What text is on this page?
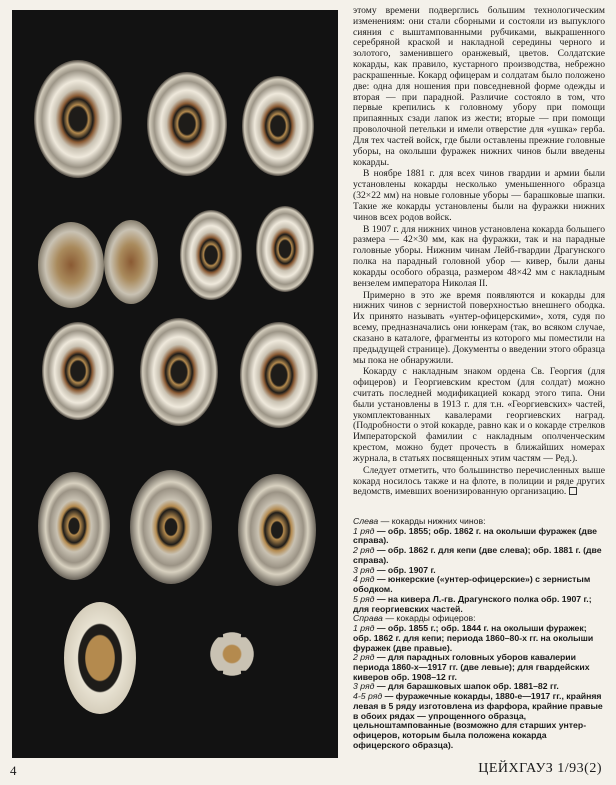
этому времени подверглись большим технологическим изменениям: они стали сборными и состояли из выпуклого сияния с выштампованными рубчиками, выкрашенного серебряной краской и накладной середины черного и золотого, заменившего оранжевый, цветов. Солдатские кокарды, как правило, кустарного производства, небрежно раскрашенные. Кокард офицерам и солдатам было положено две: одна для ношения при повседневной форме одежды и вторая — при парадной. Различие состояло в том, что первые крепились к головному убору при помощи припаянных сзади лапок из жести; вторые — при помощи проволочной петельки и имели отверстие для «ушка» герба. Для тех частей войск, где были оставлены прежние головные уборы, на околыши фуражек нижних чинов были введены кокарды.

В ноябре 1881 г. для всех чинов гвардии и армии были установлены кокарды несколько уменьшенного образца (32×22 мм) на новые головные уборы — барашковые шапки. Такие же кокарды установлены были на фуражки нижних чинов всех родов войск.

В 1907 г. для нижних чинов установлена кокарда большего размера — 42×30 мм, как на фуражки, так и на парадные головные уборы. Нижним чинам Лейб-гвардии Драгунского полка на парадный головной убор — кивер, были даны кокарды особого образца, размером 48×42 мм с накладным вензелем императора Николая II.

Примерно в это же время появляются и кокарды для нижних чинов с зернистой поверхностью внешнего ободка. Их принято называть «унтер-офицерскими», хотя, судя по всему, предназначались они юнкерам (так, во всяком случае, сказано в каталоге, фрагменты из которого мы поместили на предыдущей странице). Документы о введении этого образца мы пока не обнаружили.

Кокарду с накладным знаком ордена Св. Георгия (для офицеров) и Георгиевским крестом (для солдат) можно считать последней модификацией кокард этого типа. Они были установлены в 1913 г. для т.н. «Георгиевских» частей, укомплектованных кавалерами георгиевских наград. (Подробности о этой кокарде, равно как и о кокарде стрелков Императорской фамилии с накладным ополченческим крестом, можно будет прочесть в ближайших номерах журнала, в статьях посвященных этим частям — Ред.).

Следует отметить, что большинство перечисленных выше кокард носилось также и на флоте, в полиции и ряде других ведомств, имевших военизированную организацию.

Слева — кокарды нижних чинов:

1 ряд — обр. 1855; обр. 1862 г. на околыши фуражек (две справа).

2 ряд — обр. 1862 г. для кепи (две слева); обр. 1881 г. (две справа).

3 ряд — обр. 1907 г.

4 ряд — юнкерские («унтер-офицерские») с зернистым ободком.

5 ряд — на кивера Л.-гв. Драгунского полка обр. 1907 г.; для георгиевских частей.

Справа — кокарды офицеров:

1 ряд — обр. 1855 г.; обр. 1844 г. на околыши фуражек; обр. 1862 г. для кепи; периода 1860–80-х гг. на околыши фуражек (две правые).

2 ряд — для парадных головных уборов кавалерии периода 1860-х—1917 гг. (две левые); для гвардейских киверов обр. 1908–12 гг.

3 ряд — для барашковых шапок обр. 1881–82 гг.

4-5 ряд — фуражечные кокарды, 1880-е—1917 гг., крайняя левая в 5 ряду изготовлена из фарфора, крайние правые в обоих рядах — упрощенного образца, цельноштампованные (возможно для старших унтер-офицеров, которым была положена кокарда офицерского образца).

4	ЦЕЙХГАУЗ 1/93(2)
